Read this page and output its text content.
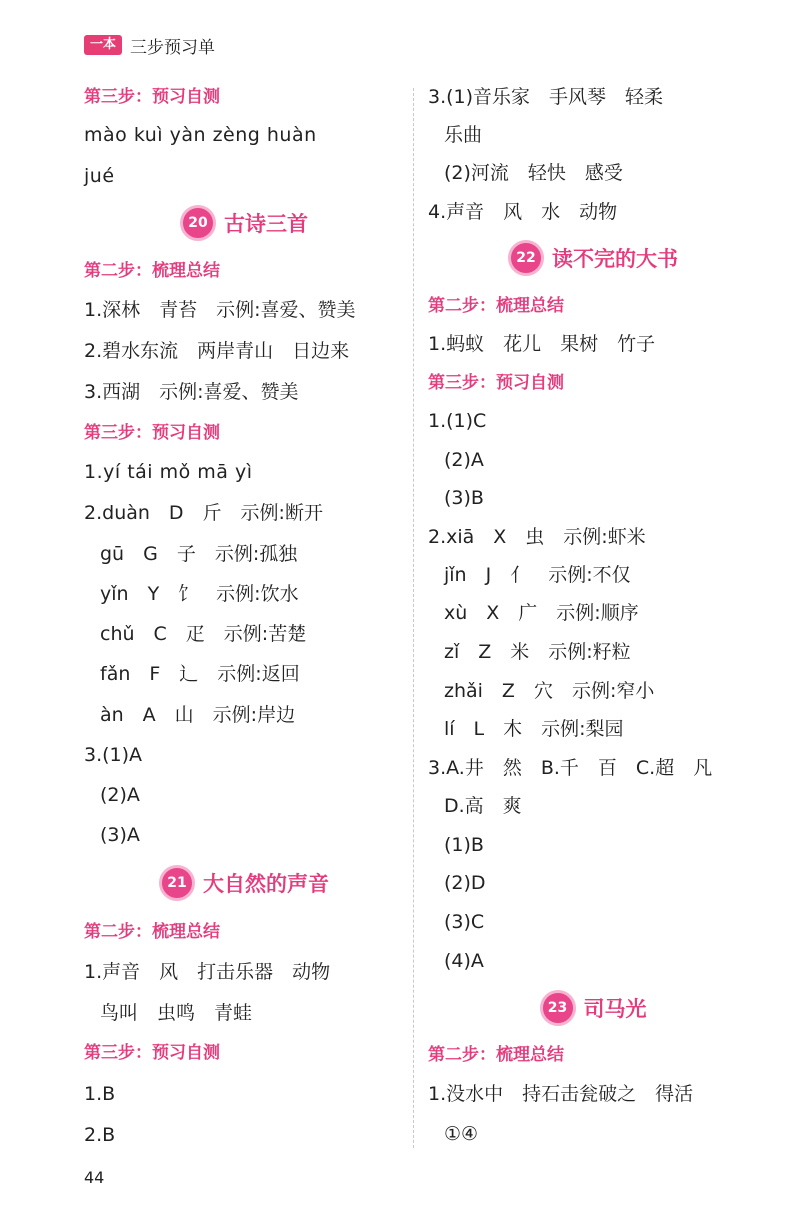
一本 三步预习单
第三步：预习自测
mào kuì yàn zèng huàn
jué
20 古诗三首
第二步：梳理总结
1.深林　青苔　示例:喜爱、赞美
2.碧水东流　两岸青山　日边来
3.西湖　示例:喜爱、赞美
第三步：预习自测
1.yí tái mǒ mā yì
2.duàn　D　斤　示例:断开
gū　G　子　示例:孤独
yǐn　Y　饣　示例:饮水
chǔ　C　疋　示例:苦楚
fǎn　F　辶　示例:返回
àn　A　山　示例:岸边
3.(1)A
(2)A
(3)A
21 大自然的声音
第二步：梳理总结
1.声音　风　打击乐器　动物
鸟叫　虫鸣　青蛙
第三步：预习自测
1.B
2.B
3.(1)音乐家　手风琴　轻柔
乐曲
(2)河流　轻快　感受
4.声音　风　水　动物
22 读不完的大书
第二步：梳理总结
1.蚂蚁　花儿　果树　竹子
第三步：预习自测
1.(1)C
(2)A
(3)B
2.xiā　X　虫　示例:虾米
jǐn　J　亻　示例:不仅
xù　X　广　示例:顺序
zǐ　Z　米　示例:籽粒
zhǎi　Z　穴　示例:窄小
lí　L　木　示例:梨园
3.A.井　然　B.千　百　C.超　凡
D.高　爽
(1)B
(2)D
(3)C
(4)A
23 司马光
第二步：梳理总结
1.没水中　持石击瓮破之　得活
①④
44
